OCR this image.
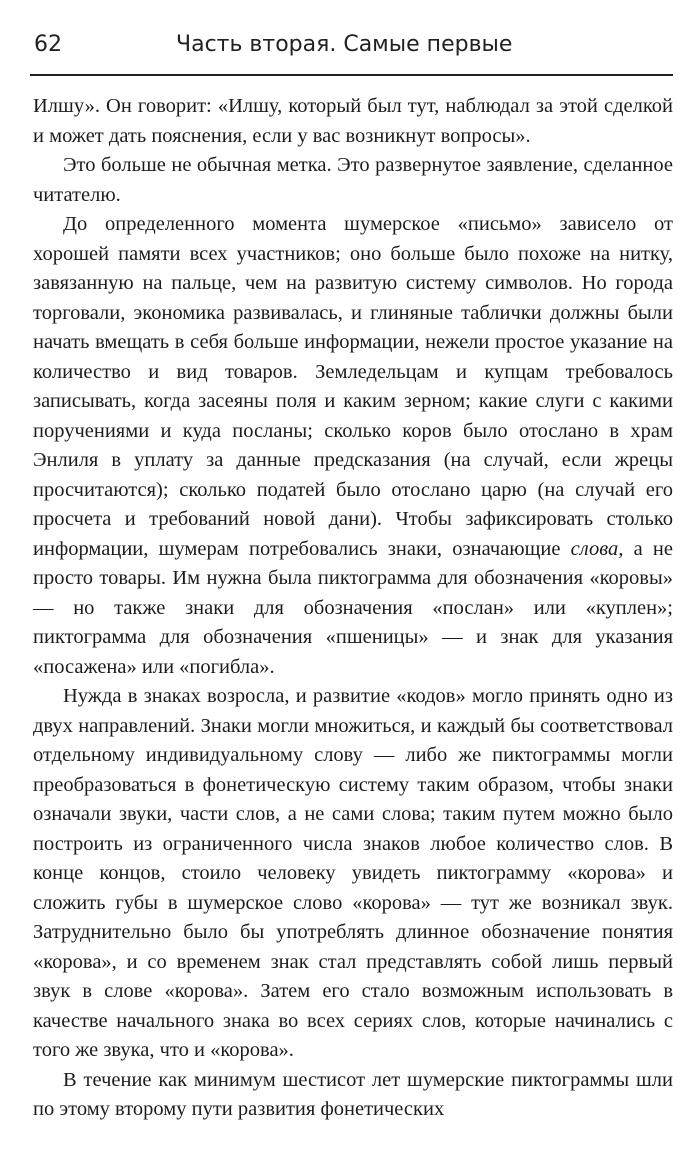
62	Часть вторая. Самые первые

Илшу». Он говорит: «Илшу, который был тут, наблюдал за этой сделкой и может дать пояснения, если у вас возникнут вопросы».

Это больше не обычная метка. Это развернутое заявление, сделанное читателю.

До определенного момента шумерское «письмо» зависело от хорошей памяти всех участников; оно больше было похоже на нитку, завязанную на пальце, чем на развитую систему символов. Но города торговали, экономика развивалась, и глиняные таблички должны были начать вмещать в себя больше информации, нежели простое указание на количество и вид товаров. Земледельцам и купцам требовалось записывать, когда засеяны поля и каким зерном; какие слуги с какими поручениями и куда посланы; сколько коров было отослано в храм Энлиля в уплату за данные предсказания (на случай, если жрецы просчитаются); сколько податей было отослано царю (на случай его просчета и требований новой дани). Чтобы зафиксировать столько информации, шумерам потребовались знаки, означающие слова, а не просто товары. Им нужна была пиктограмма для обозначения «коровы» — но также знаки для обозначения «послан» или «куплен»; пиктограмма для обозначения «пшеницы» — и знак для указания «посажена» или «погибла».

Нужда в знаках возросла, и развитие «кодов» могло принять одно из двух направлений. Знаки могли множиться, и каждый бы соответствовал отдельному индивидуальному слову — либо же пиктограммы могли преобразоваться в фонетическую систему таким образом, чтобы знаки означали звуки, части слов, а не сами слова; таким путем можно было построить из ограниченного числа знаков любое количество слов. В конце концов, стоило человеку увидеть пиктограмму «корова» и сложить губы в шумерское слово «корова» — тут же возникал звук. Затруднительно было бы употреблять длинное обозначение понятия «корова», и со временем знак стал представлять собой лишь первый звук в слове «корова». Затем его стало возможным использовать в качестве начального знака во всех сериях слов, которые начинались с того же звука, что и «корова».

В течение как минимум шестисот лет шумерские пиктограммы шли по этому второму пути развития фонетических
